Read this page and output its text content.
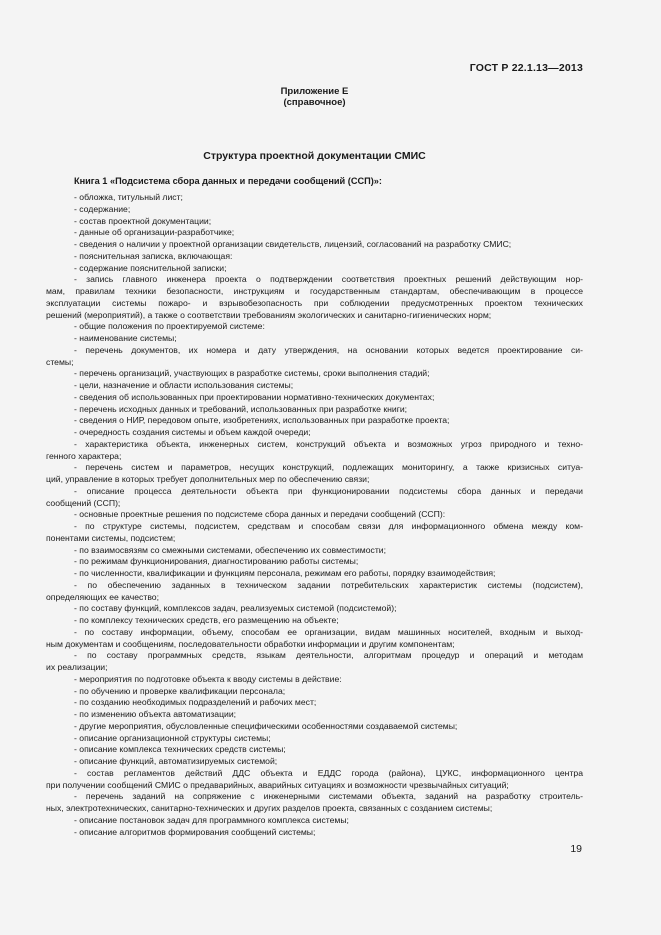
ГОСТ Р 22.1.13—2013
Приложение Е
(справочное)
Структура проектной документации СМИС
Книга 1 «Подсистема сбора данных и передачи сообщений (ССП)»:
- обложка, титульный лист;
- содержание;
- состав проектной документации;
- данные об организации-разработчике;
- сведения о наличии у проектной организации свидетельств, лицензий, согласований на разработку СМИС;
- пояснительная записка, включающая:
- содержание пояснительной записки;
- запись главного инженера проекта о подтверждении соответствия проектных решений действующим нор-
мам, правилам техники безопасности, инструкциям и государственным стандартам, обеспечивающим в процессе
эксплуатации системы пожаро- и взрывобезопасность при соблюдении предусмотренных проектом технических
решений (мероприятий), а также о соответствии требованиям экологических и санитарно-гигиенических норм;
- общие положения по проектируемой системе:
- наименование системы;
- перечень документов, их номера и дату утверждения, на основании которых ведется проектирование си-
стемы;
- перечень организаций, участвующих в разработке системы, сроки выполнения стадий;
- цели, назначение и области использования системы;
- сведения об использованных при проектировании нормативно-технических документах;
- перечень исходных данных и требований, использованных при разработке книги;
- сведения о НИР, передовом опыте, изобретениях, использованных при разработке проекта;
- очередность создания системы и объем каждой очереди;
- характеристика объекта, инженерных систем, конструкций объекта и возможных угроз природного и техно-
генного характера;
- перечень систем и параметров, несущих конструкций, подлежащих мониторингу, а также кризисных ситуа-
ций, управление в которых требует дополнительных мер по обеспечению связи;
- описание процесса деятельности объекта при функционировании подсистемы сбора данных и передачи
сообщений (ССП);
- основные проектные решения по подсистеме сбора данных и передачи сообщений (ССП):
- по структуре системы, подсистем, средствам и способам связи для информационного обмена между ком-
понентами системы, подсистем;
- по взаимосвязям со смежными системами, обеспечению их совместимости;
- по режимам функционирования, диагностированию работы системы;
- по численности, квалификации и функциям персонала, режимам его работы, порядку взаимодействия;
- по обеспечению заданных в техническом задании потребительских характеристик системы (подсистем),
определяющих ее качество;
- по составу функций, комплексов задач, реализуемых системой (подсистемой);
- по комплексу технических средств, его размещению на объекте;
- по составу информации, объему, способам ее организации, видам машинных носителей, входным и выход-
ным документам и сообщениям, последовательности обработки информации и другим компонентам;
- по составу программных средств, языкам деятельности, алгоритмам процедур и операций и методам
их реализации;
- мероприятия по подготовке объекта к вводу системы в действие:
- по обучению и проверке квалификации персонала;
- по созданию необходимых подразделений и рабочих мест;
- по изменению объекта автоматизации;
- другие мероприятия, обусловленные специфическими особенностями создаваемой системы;
- описание организационной структуры системы;
- описание комплекса технических средств системы;
- описание функций, автоматизируемых системой;
- состав регламентов действий ДДС объекта и ЕДДС города (района), ЦУКС, информационного центра
при получении сообщений СМИС о предаварийных, аварийных ситуациях и возможности чрезвычайных ситуаций;
- перечень заданий на сопряжение с инженерными системами объекта, заданий на разработку строитель-
ных, электротехнических, санитарно-технических и других разделов проекта, связанных с созданием системы;
- описание постановок задач для программного комплекса системы;
- описание алгоритмов формирования сообщений системы;
19
